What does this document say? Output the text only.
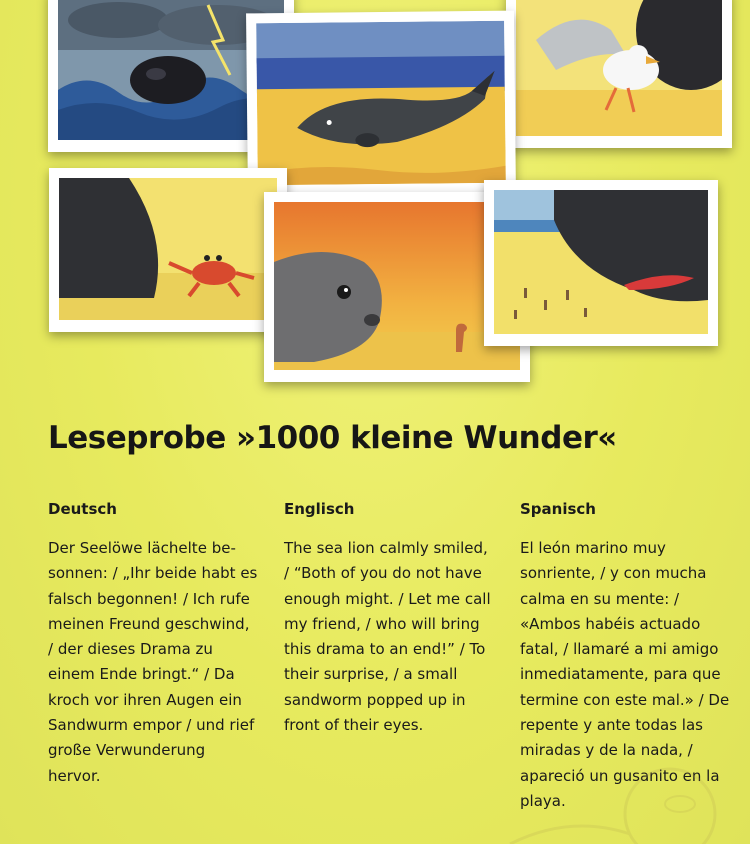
Leseprobe »1000 kleine Wunder«
Deutsch

Der Seelöwe lächelte besonnen: / „Ihr beide habt es falsch begonnen! / Ich rufe meinen Freund geschwind, / der dieses Drama zu einem Ende bringt.“ / Da kroch vor ihren Augen ein Sandwurm empor / und rief große Verwunderung hervor.

Englisch

The sea lion calmly smiled, / “Both of you do not have enough might. / Let me call my friend, / who will bring this drama to an end!” / To their surprise, / a small sandworm popped up in front of their eyes.

Spanisch

El león marino muy sonriente, / y con mucha calma en su mente: / «Ambos habéis actuado fatal, / llamaré a mi amigo inmediatamente, para que termine con este mal.» / De repente y ante todas las miradas y de la nada, / apareció un gusanito en la playa.
